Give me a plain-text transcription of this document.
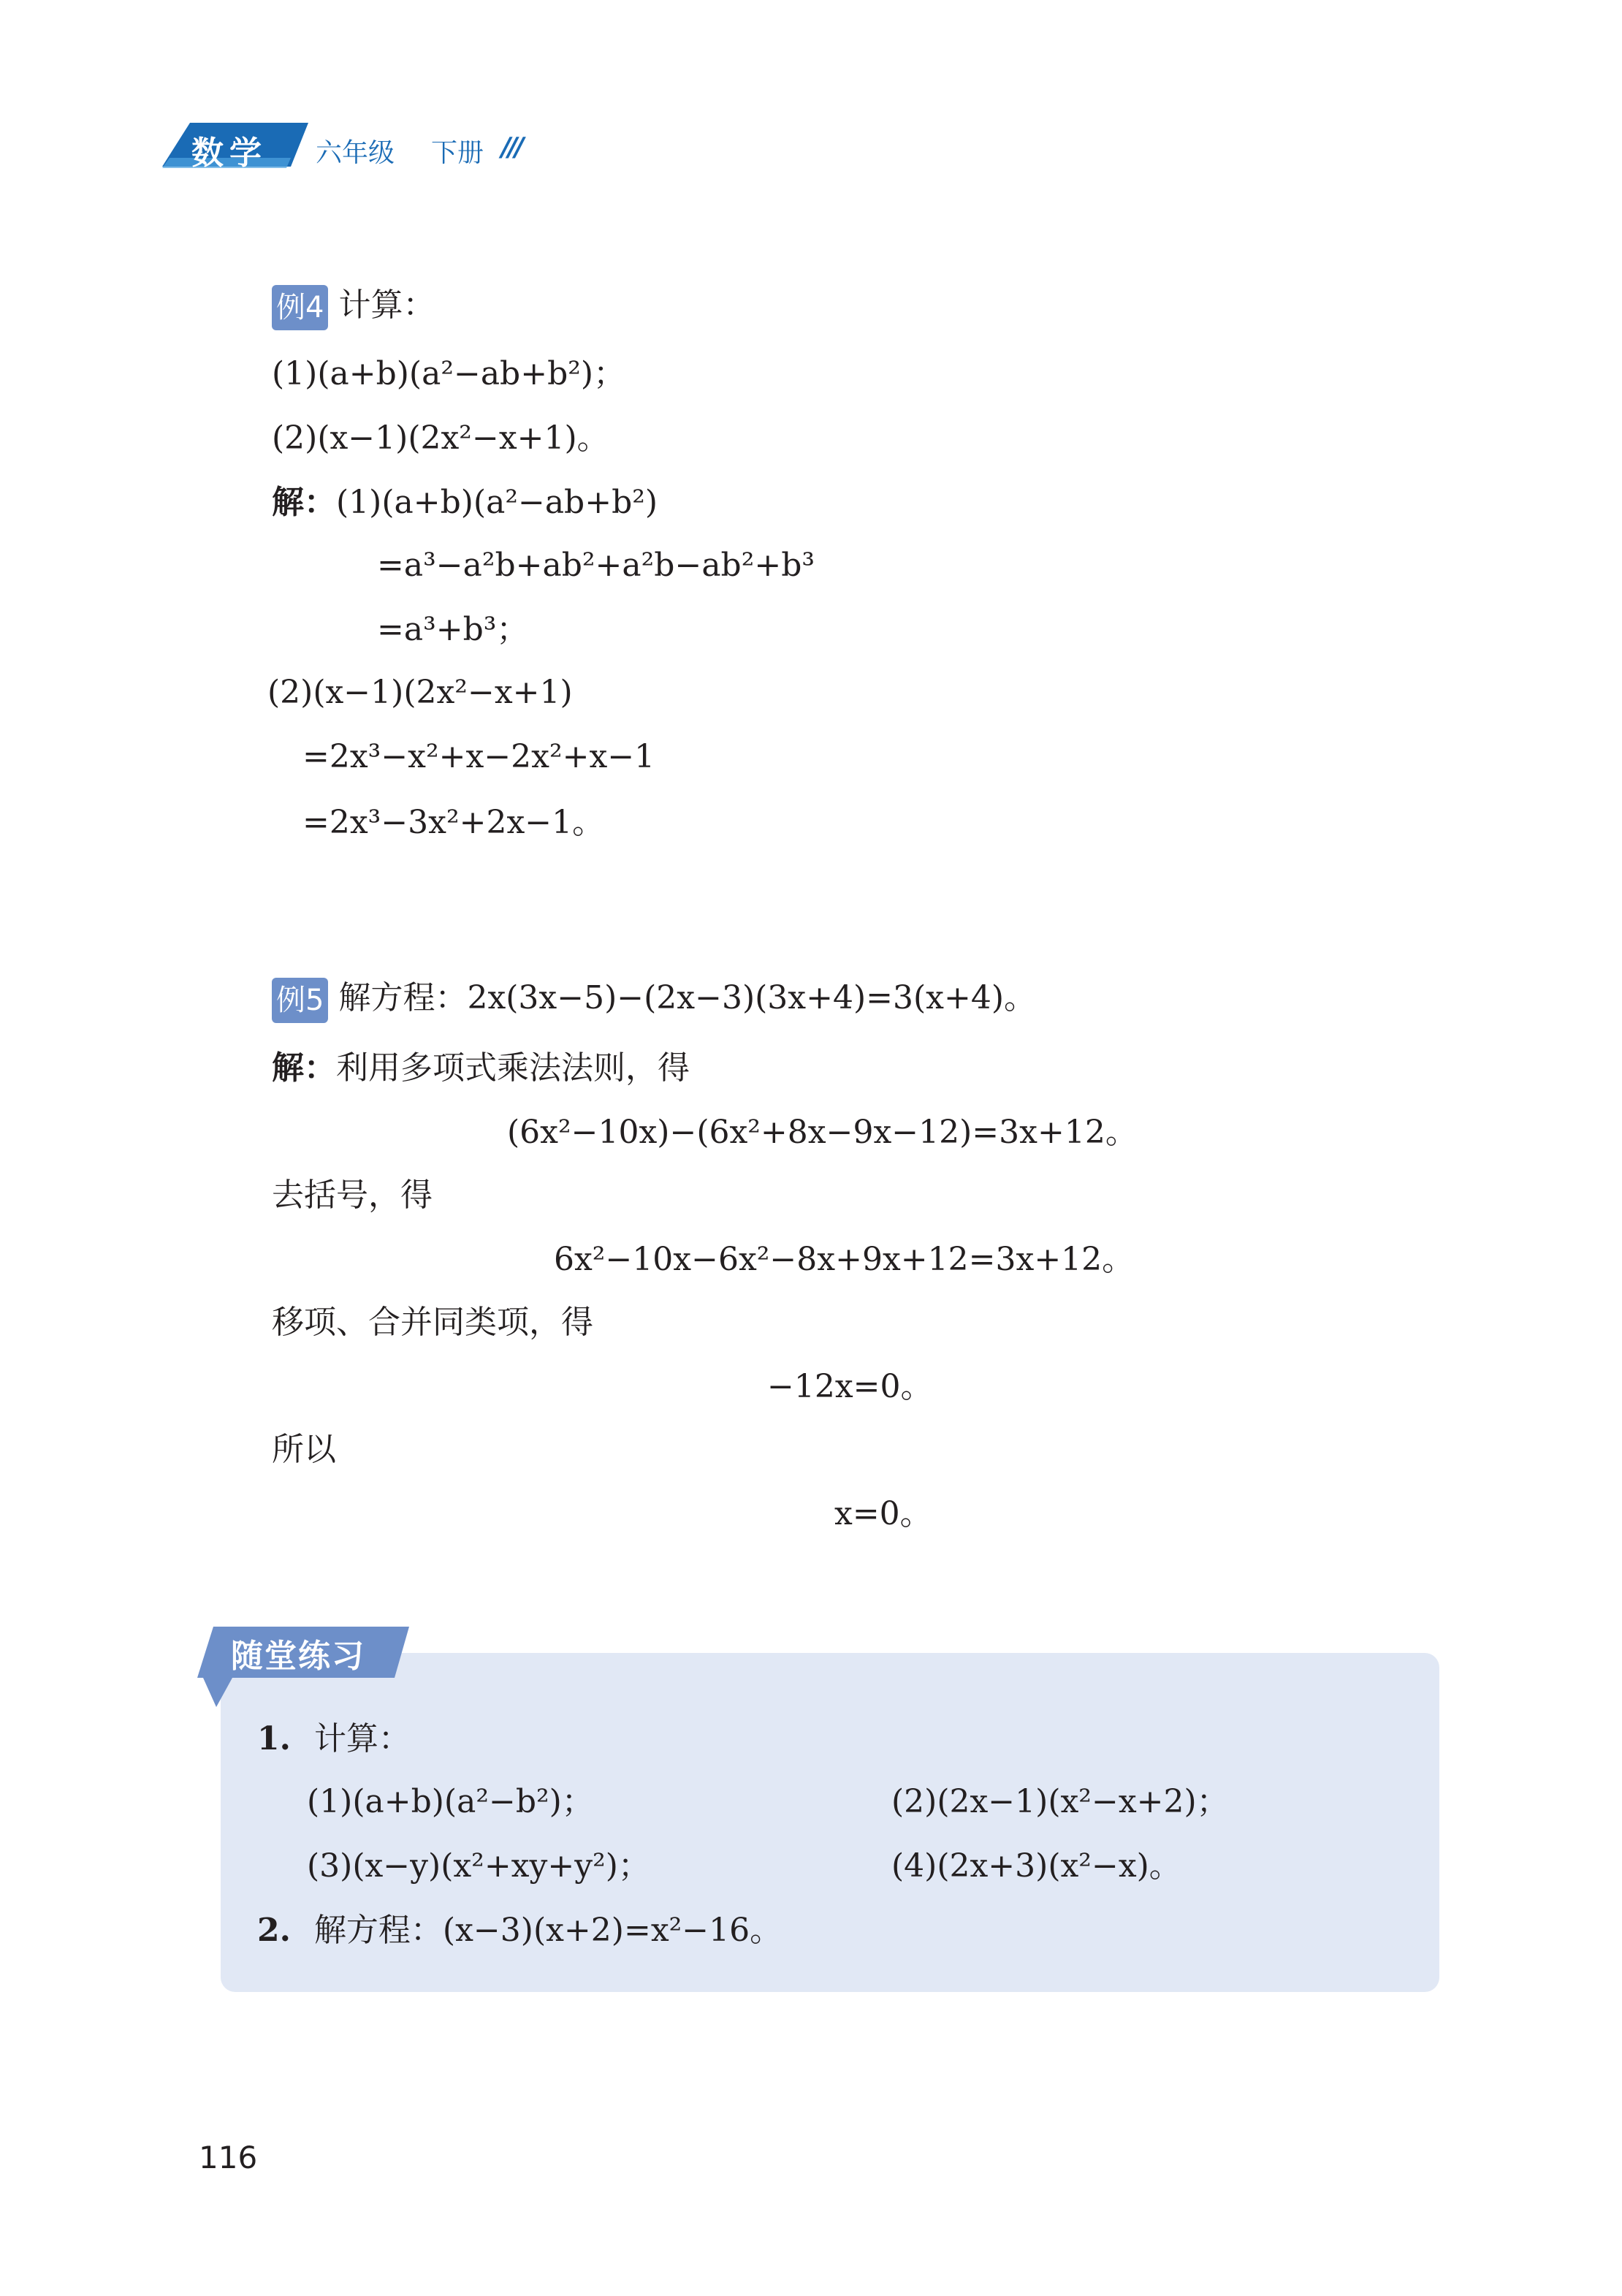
数学 六年级 下册 ///
例4 计算：
(1)(a+b)(a²−ab+b²)；
(2)(x−1)(2x²−x+1)。
解：(1)(a+b)(a²−ab+b²)
=a³−a²b+ab²+a²b−ab²+b³
=a³+b³；
(2)(x−1)(2x²−x+1)
=2x³−x²+x−2x²+x−1
=2x³−3x²+2x−1。
例5 解方程：2x(3x−5)−(2x−3)(3x+4)=3(x+4)。
解：利用多项式乘法法则，得
(6x²−10x)−(6x²+8x−9x−12)=3x+12。
去括号，得
6x²−10x−6x²−8x+9x+12=3x+12。
移项、合并同类项，得
−12x=0。
所以
x=0。
随堂练习
1. 计算：
(1)(a+b)(a²−b²)；	(2)(2x−1)(x²−x+2)；
(3)(x−y)(x²+xy+y²)；	(4)(2x+3)(x²−x)。
2. 解方程：(x−3)(x+2)=x²−16。
116
